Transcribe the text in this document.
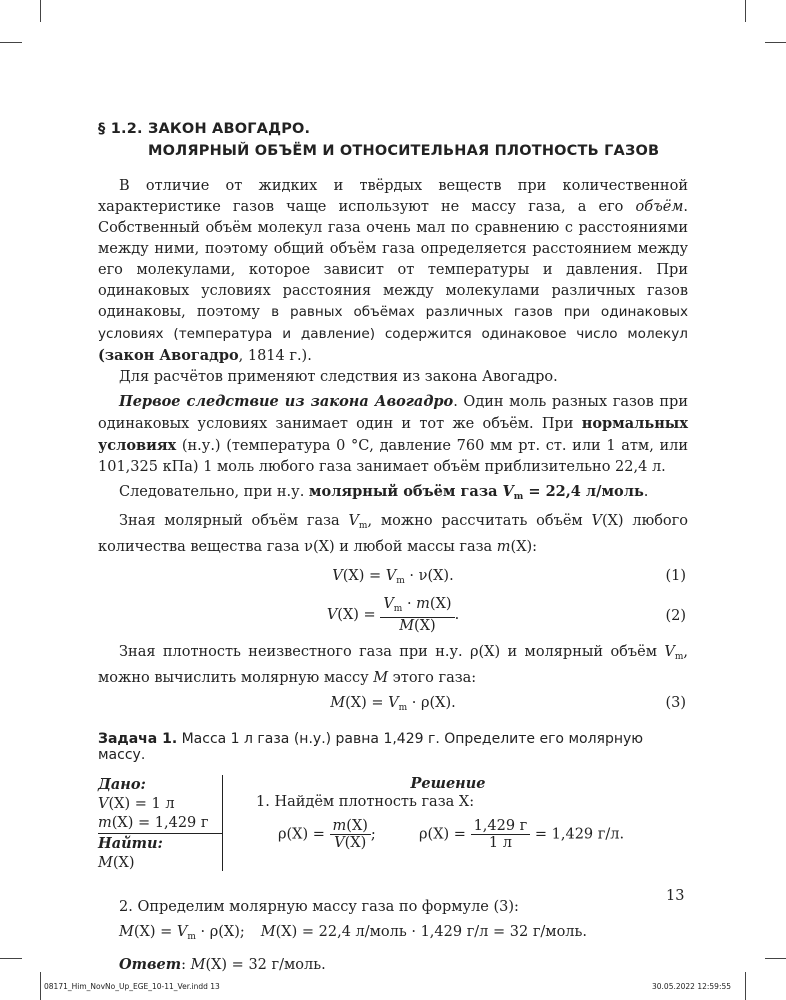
§ 1.2. ЗАКОН АВОГАДРО.
МОЛЯРНЫЙ ОБЪЁМ И ОТНОСИТЕЛЬНАЯ ПЛОТНОСТЬ ГАЗОВ

В отличие от жидких и твёрдых веществ при количественной характеристике газов чаще используют не массу газа, а его объём. Собственный объём молекул газа очень мал по сравнению с расстояниями между ними, поэтому общий объём газа определяется расстоянием между его молекулами, которое зависит от температуры и давления. При одинаковых условиях расстояния между молекулами различных газов одинаковы, поэтому в равных объёмах различных газов при одинаковых условиях (температура и давление) содержится одинаковое число молекул (закон Авогадро, 1814 г.).

Для расчётов применяют следствия из закона Авогадро.

Первое следствие из закона Авогадро. Один моль разных газов при одинаковых условиях занимает один и тот же объём. При нормальных условиях (н.у.) (температура 0 °С, давление 760 мм рт. ст. или 1 атм, или 101,325 кПа) 1 моль любого газа занимает объём приблизительно 22,4 л.

Следовательно, при н.у. молярный объём газа $V_m = 22,4$ л/моль.

Зная молярный объём газа $V_m$, можно рассчитать объём V(X) любого количества вещества газа ν(X) и любой массы газа m(X):

$V(X) = V_m \cdot \nu(X)$.	(1)
$V(X) = \frac{V_m \cdot m(X)}{M(X)}$ .	(2)

Зная плотность неизвестного газа при н.у. ρ(X) и молярный объём $V_m$, можно вычислить молярную массу M этого газа:

$M(X) = V_m \cdot \rho(X)$.	(3)
Задача 1. Масса 1 л газа (н.у.) равна 1,429 г. Определите его молярную массу.
Дано:
V(X) = 1 л
m(X) = 1,429 г
Найти:
M(X)
Решение
1. Найдём плотность газа X:
$\rho(X) = \frac{m(X)}{V(X)}$ ;  $\rho(X) = \frac{1,429 г}{1 л} = 1,429$ г/л.

2. Определим молярную массу газа по формуле (3):

$M(X) = V_m \cdot \rho(X)$; M(X) = 22,4 л/моль · 1,429 г/л = 32 г/моль.

Ответ: M(X) = 32 г/моль.

13
08171_Him_NovNo_Up_EGE_10-11_Ver.indd 13	30.05.2022 12:59:55
